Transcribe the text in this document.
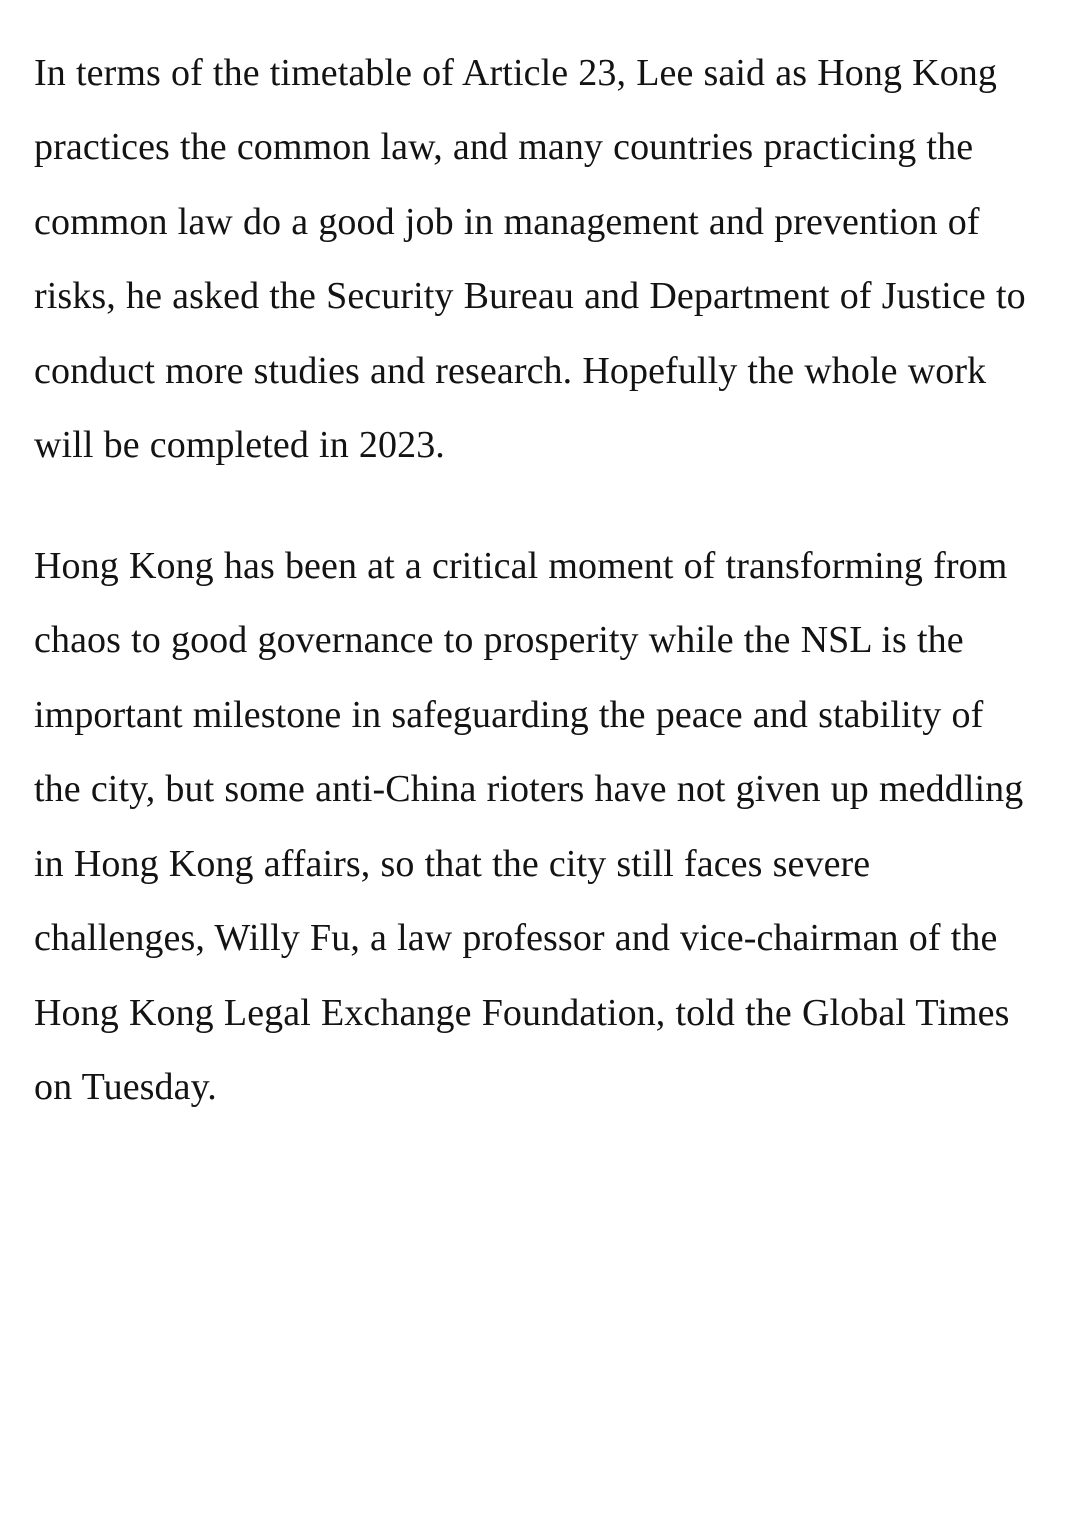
In terms of the timetable of Article 23, Lee said as Hong Kong practices the common law, and many countries practicing the common law do a good job in management and prevention of risks, he asked the Security Bureau and Department of Justice to conduct more studies and research. Hopefully the whole work will be completed in 2023.

Hong Kong has been at a critical moment of transforming from chaos to good governance to prosperity while the NSL is the important milestone in safeguarding the peace and stability of the city, but some anti-China rioters have not given up meddling in Hong Kong affairs, so that the city still faces severe challenges, Willy Fu, a law professor and vice-chairman of the Hong Kong Legal Exchange Foundation, told the Global Times on Tuesday.
